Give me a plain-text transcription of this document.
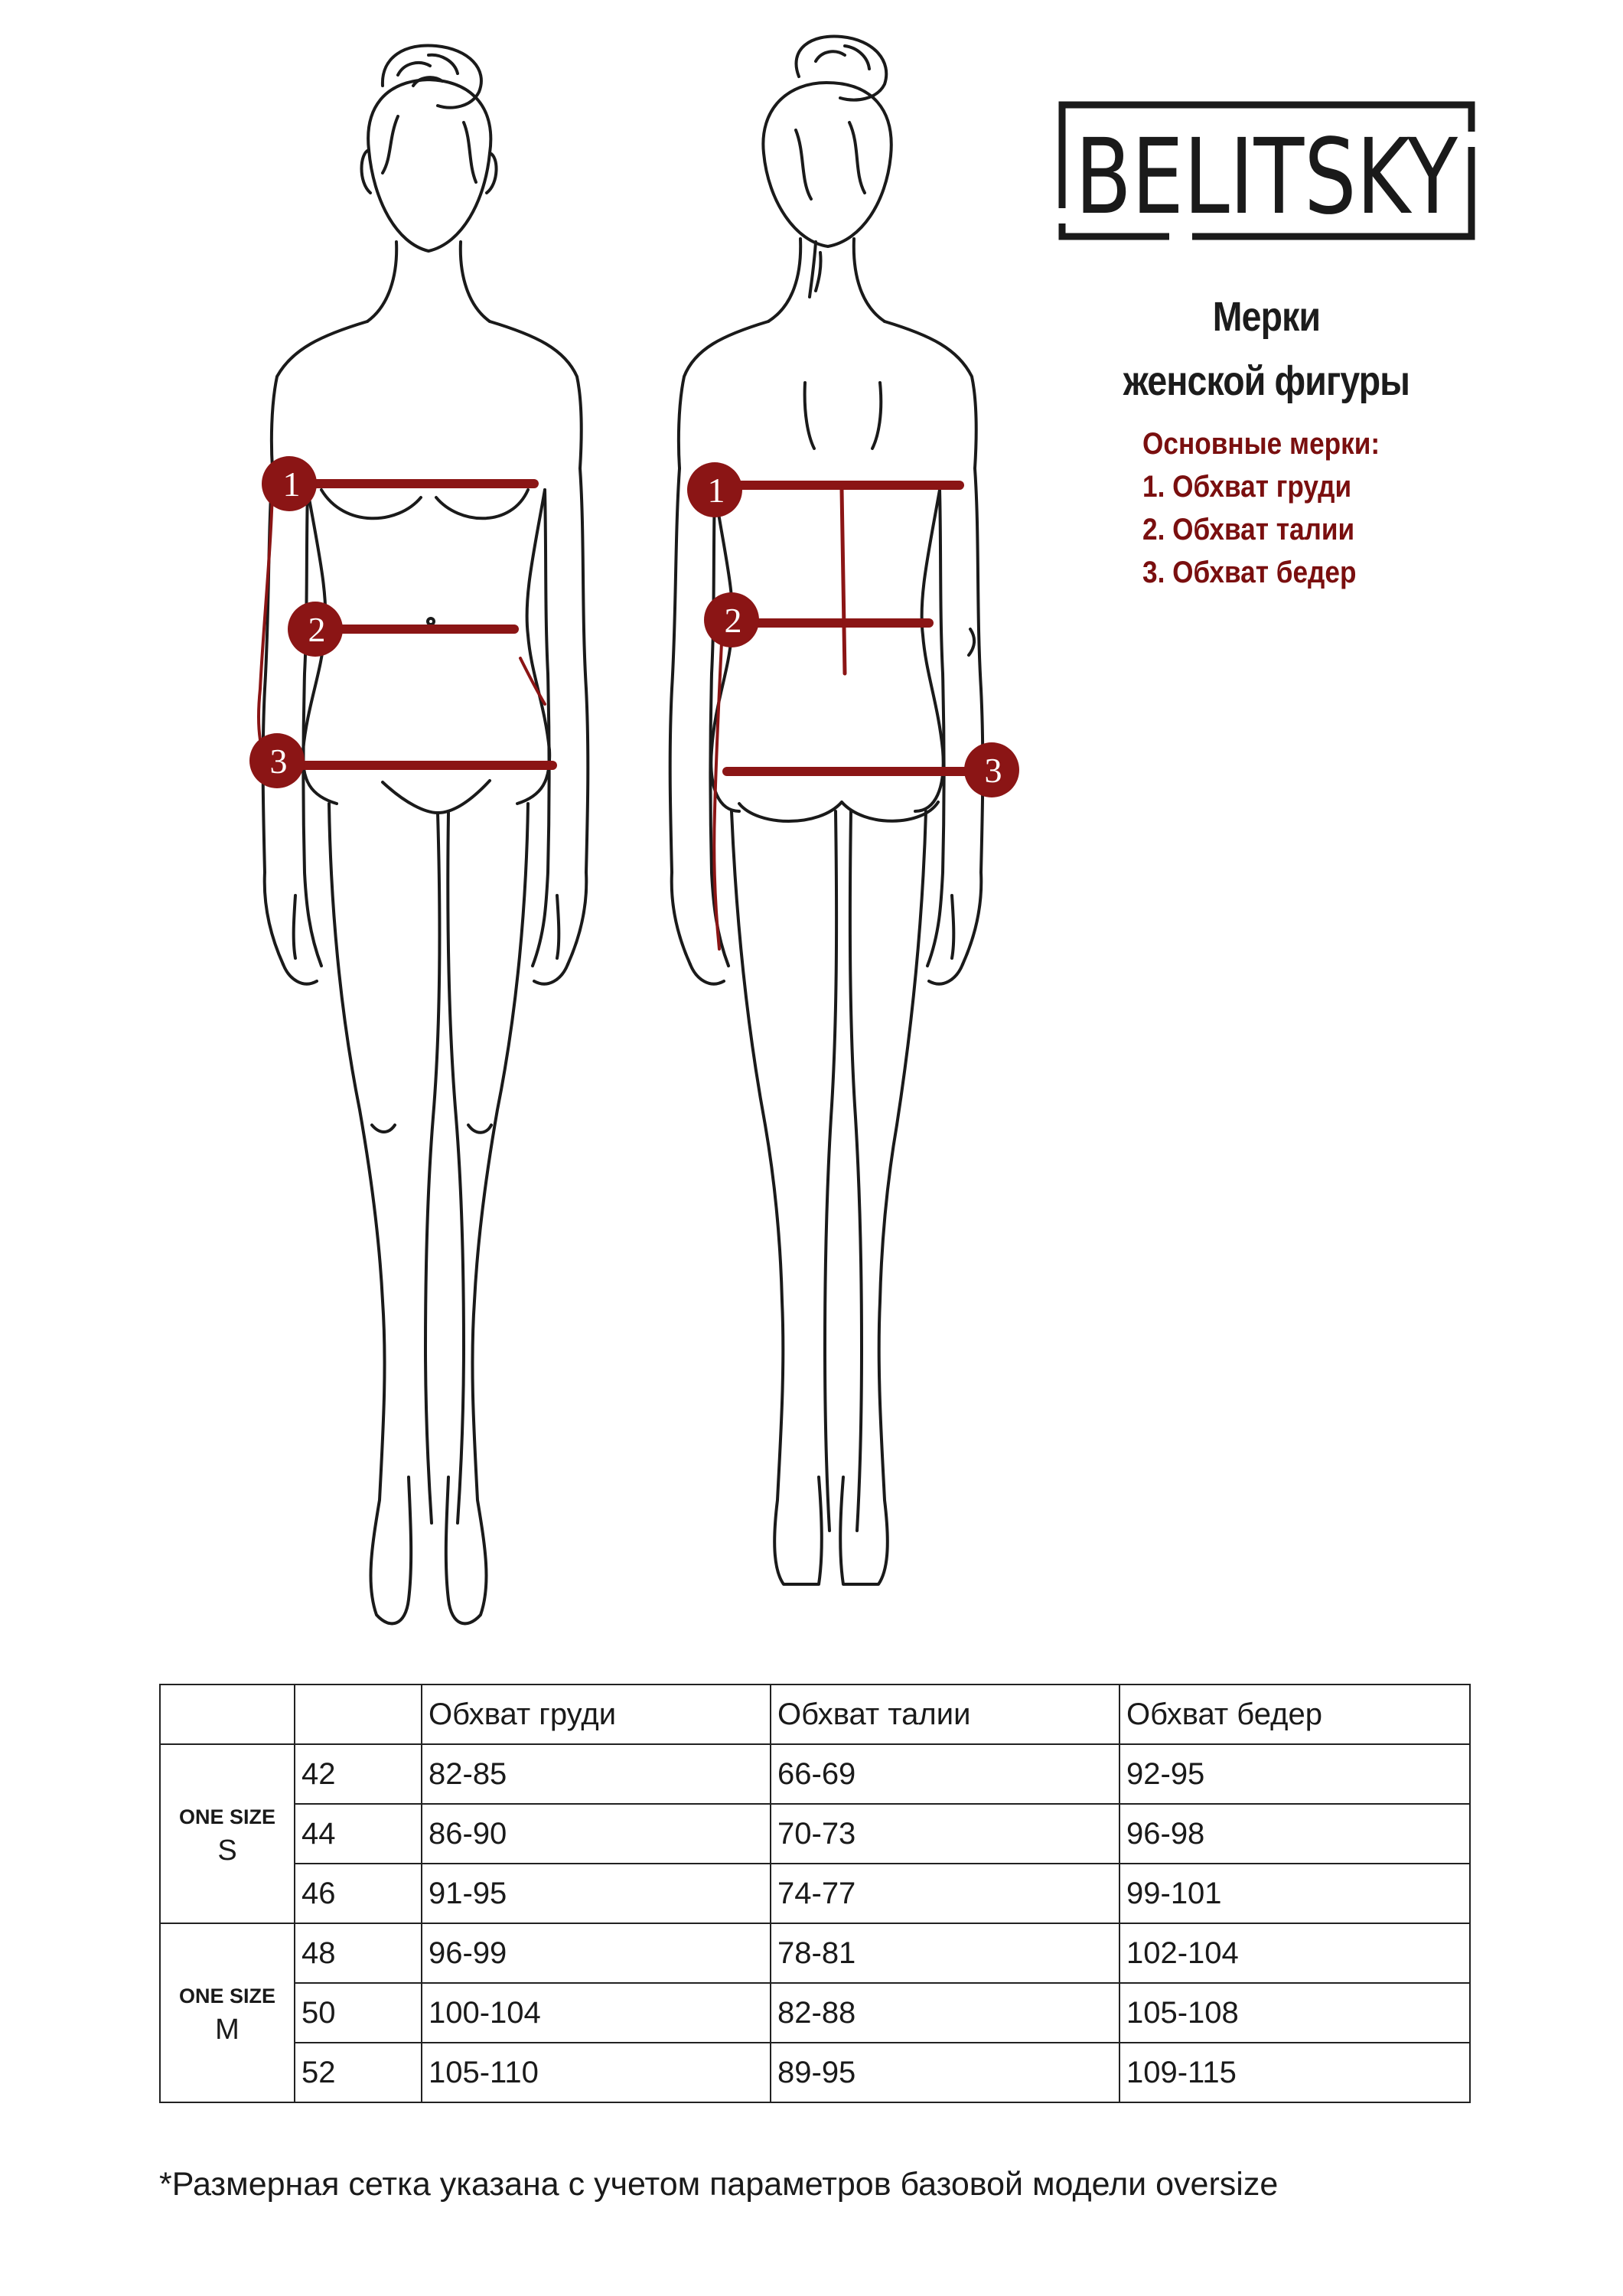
1
2
3
1
2
3
BELITSKY
Мерки
женской фигуры
Основные мерки:
1. Обхват груди
2. Обхват талии
3. Обхват бедер
		Обхват груди	Обхват талии	Обхват бедер

ONE SIZE
S	42	82-85	66-69	92-95
	44	86-90	70-73	96-98
	46	91-95	74-77	99-101

ONE SIZE
M	48	96-99	78-81	102-104
	50	100-104	82-88	105-108
	52	105-110	89-95	109-115
*Размерная сетка указана с учетом параметров базовой модели oversize
